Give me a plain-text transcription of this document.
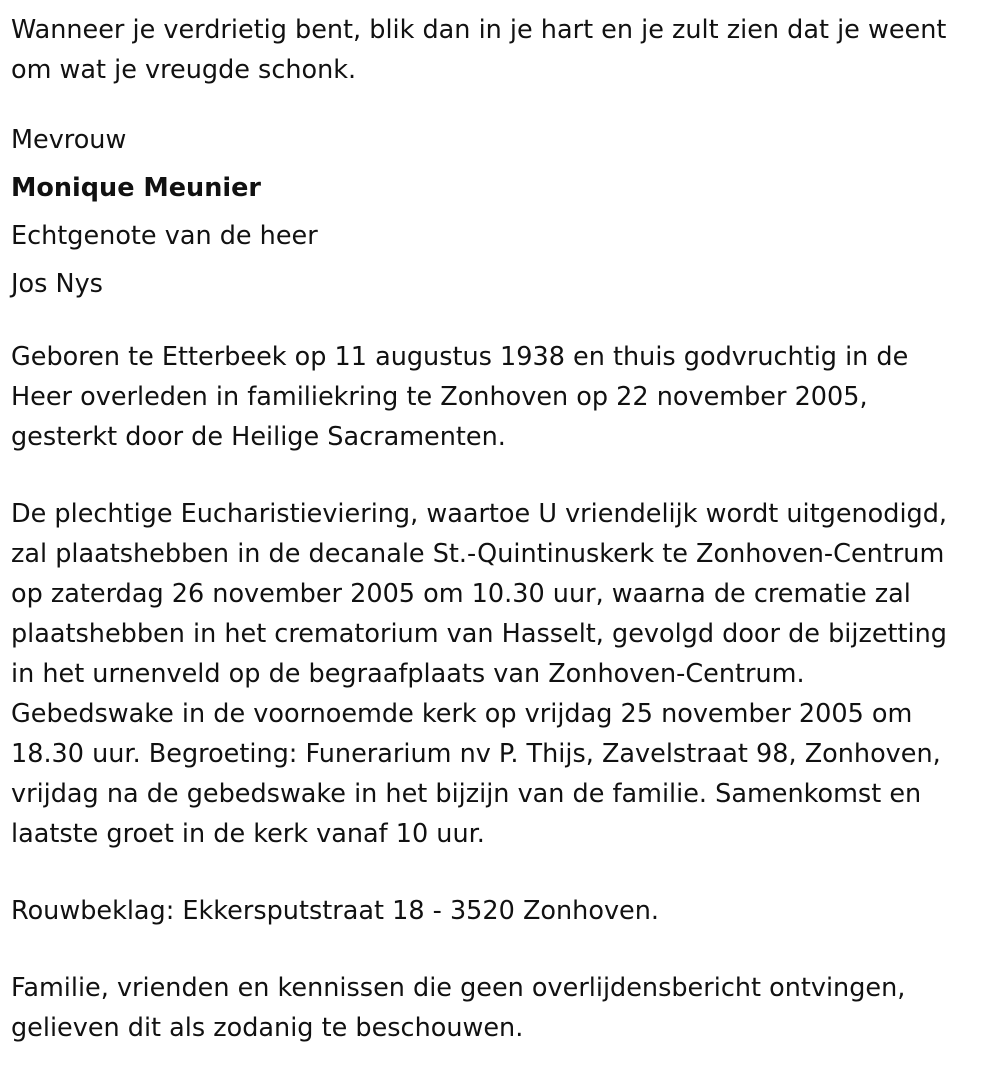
Wanneer je verdrietig bent, blik dan in je hart en je zult zien dat je weent
om wat je vreugde schonk.
Mevrouw
Monique Meunier
Echtgenote van de heer
Jos Nys
Geboren te Etterbeek op 11 augustus 1938 en thuis godvruchtig in de
Heer overleden in familiekring te Zonhoven op 22 november 2005,
gesterkt door de Heilige Sacramenten.
De plechtige Eucharistieviering, waartoe U vriendelijk wordt uitgenodigd,
zal plaatshebben in de decanale St.-Quintinuskerk te Zonhoven-Centrum
op zaterdag 26 november 2005 om 10.30 uur, waarna de crematie zal
plaatshebben in het crematorium van Hasselt, gevolgd door de bijzetting
in het urnenveld op de begraafplaats van Zonhoven-Centrum.
Gebedswake in de voornoemde kerk op vrijdag 25 november 2005 om
18.30 uur. Begroeting: Funerarium nv P. Thijs, Zavelstraat 98, Zonhoven,
vrijdag na de gebedswake in het bijzijn van de familie. Samenkomst en
laatste groet in de kerk vanaf 10 uur.
Rouwbeklag: Ekkersputstraat 18 - 3520 Zonhoven.
Familie, vrienden en kennissen die geen overlijdensbericht ontvingen,
gelieven dit als zodanig te beschouwen.
